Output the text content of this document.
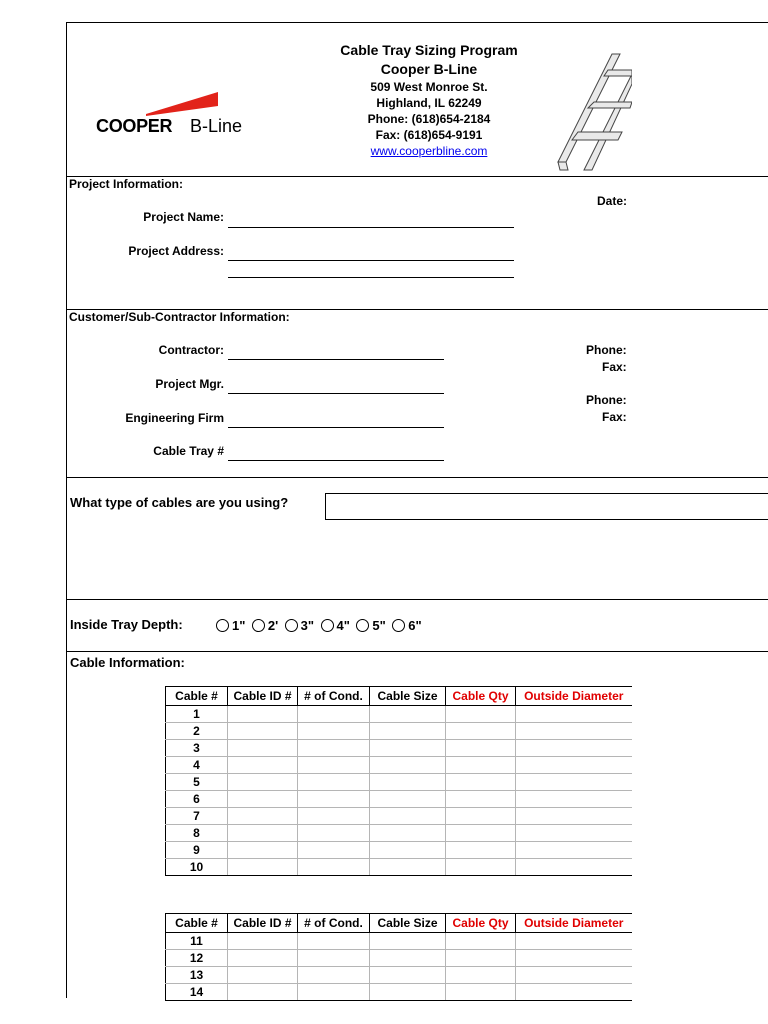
COOPER B-Line
Cable Tray Sizing Program
Cooper B-Line
509 West Monroe St.
Highland, IL 62249
Phone: (618)654-2184
Fax: (618)654-9191
www.cooperbline.com
Project Information:
Date:
Project Name:
Project Address:
Customer/Sub-Contractor Information:
Contractor:
Project Mgr.
Engineering Firm
Cable Tray #
Phone:
Fax:
Phone:
Fax:
What type of cables are you using?
Inside Tray Depth:	1"
2'
3"
4"
5"
6"
Cable Information:
Cable #	Cable ID #	# of Cond.	Cable Size	Cable Qty	Outside Diameter
1					
2					
3					
4					
5					
6					
7					
8					
9					
10					
Cable #	Cable ID #	# of Cond.	Cable Size	Cable Qty	Outside Diameter
11					
12					
13					
14					
